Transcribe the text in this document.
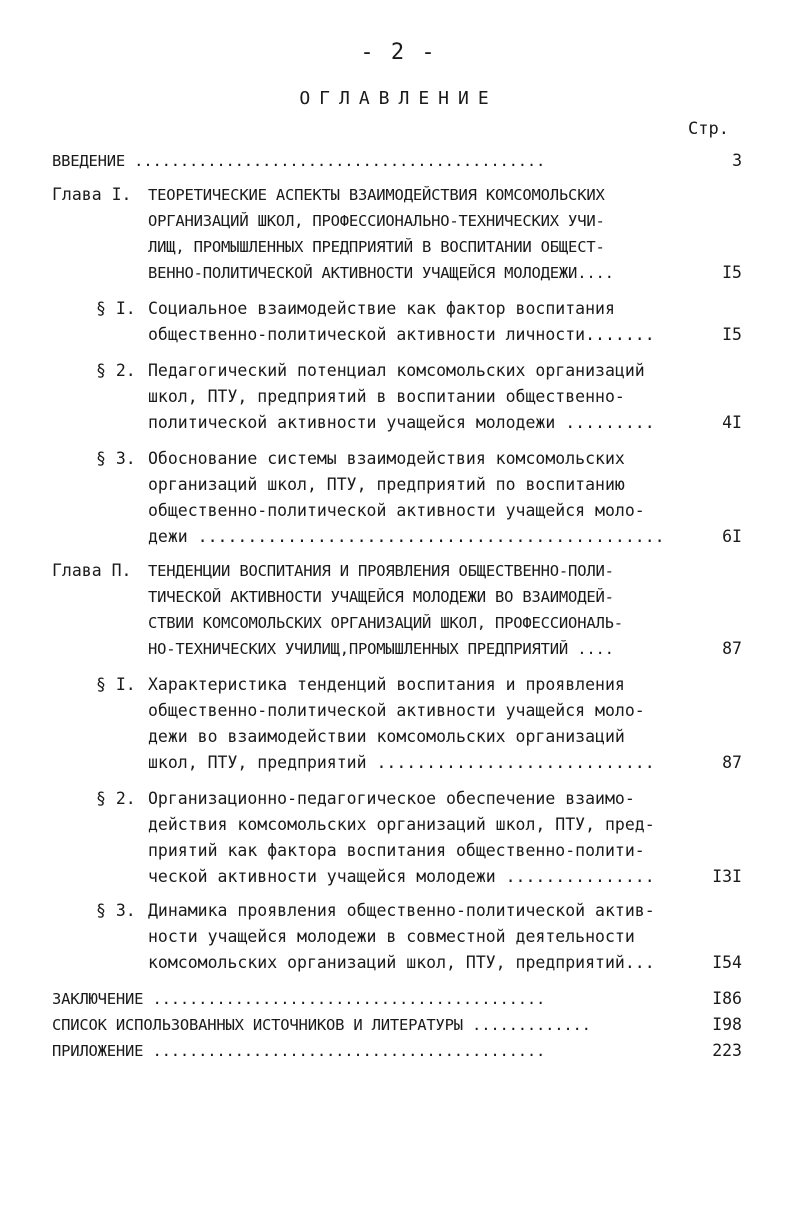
- 2 -
ОГЛАВЛЕНИЕ
Стр.
ВВЕДЕНИЕ .............................................	3
Глава I. ТЕОРЕТИЧЕСКИЕ АСПЕКТЫ ВЗАИМОДЕЙСТВИЯ КОМСОМОЛЬСКИХ
ОРГАНИЗАЦИЙ ШКОЛ, ПРОФЕССИОНАЛЬНО-ТЕХНИЧЕСКИХ УЧИ-
ЛИЩ, ПРОМЫШЛЕННЫХ ПРЕДПРИЯТИЙ В ВОСПИТАНИИ ОБЩЕСТ-
ВЕННО-ПОЛИТИЧЕСКОЙ АКТИВНОСТИ УЧАЩЕЙСЯ МОЛОДЕЖИ....	I5
§ I. Социальное взаимодействие как фактор воспитания
общественно-политической активности личности.......	I5
§ 2. Педагогический потенциал комсомольских организаций
школ, ПТУ, предприятий в воспитании общественно-
политической активности учащейся молодежи .........	4I
§ 3. Обоснование системы взаимодействия комсомольских
организаций школ, ПТУ, предприятий по воспитанию
общественно-политической активности учащейся моло-
дежи ...............................................	6I
Глава П. ТЕНДЕНЦИИ ВОСПИТАНИЯ И ПРОЯВЛЕНИЯ ОБЩЕСТВЕННО-ПОЛИ-
ТИЧЕСКОЙ АКТИВНОСТИ УЧАЩЕЙСЯ МОЛОДЕЖИ ВО ВЗАИМОДЕЙ-
СТВИИ КОМСОМОЛЬСКИХ ОРГАНИЗАЦИЙ ШКОЛ, ПРОФЕССИОНАЛЬ-
НО-ТЕХНИЧЕСКИХ УЧИЛИЩ,ПРОМЫШЛЕННЫХ ПРЕДПРИЯТИЙ ....	87
§ I. Характеристика тенденций воспитания и проявления
общественно-политической активности учащейся моло-
дежи во взаимодействии комсомольских организаций
школ, ПТУ, предприятий ............................	87
§ 2. Организационно-педагогическое обеспечение взаимо-
действия комсомольских организаций школ, ПТУ, пред-
приятий как фактора воспитания общественно-полити-
ческой активности учащейся молодежи ...............	I3I
§ 3. Динамика проявления общественно-политической актив-
ности учащейся молодежи в совместной деятельности
комсомольских организаций школ, ПТУ, предприятий...	I54
ЗАКЛЮЧЕНИЕ ...........................................	I86
СПИСОК ИСПОЛЬЗОВАННЫХ ИСТОЧНИКОВ И ЛИТЕРАТУРЫ .............	I98
ПРИЛОЖЕНИЕ ...........................................	223
